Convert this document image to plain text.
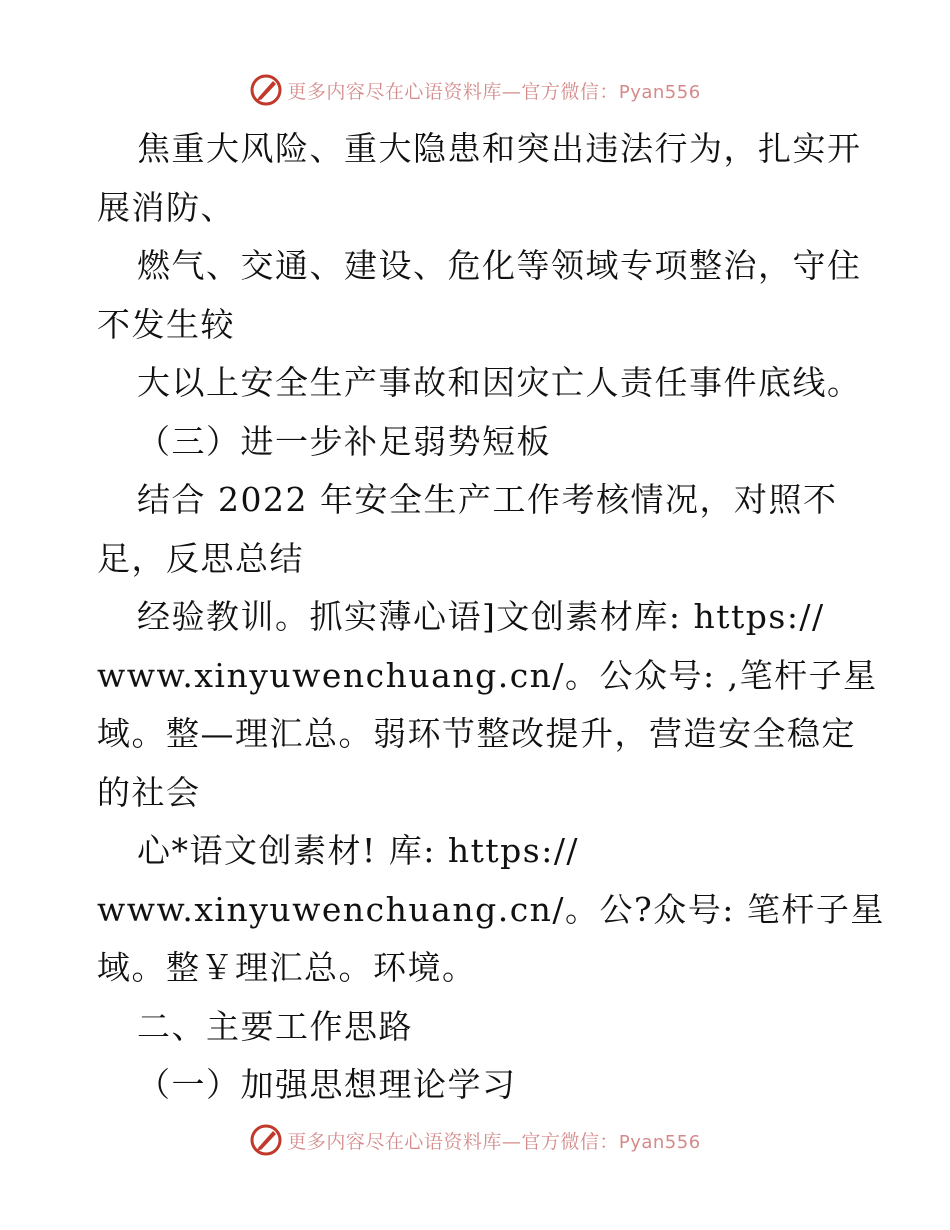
更多内容尽在心语资料库—官方微信：Pyan556
焦重大风险、重大隐患和突出违法行为，扎实开
展消防、
燃气、交通、建设、危化等领域专项整治，守住
不发生较
大以上安全生产事故和因灾亡人责任事件底线。
（三）进一步补足弱势短板
结合 2022 年安全生产工作考核情况，对照不
足，反思总结
经验教训。抓实薄心语]文创素材库: https://
www.xinyuwenchuang.cn/。公众号: ,笔杆子星
域。整—理汇总。弱环节整改提升，营造安全稳定
的社会
心*语文创素材! 库: https://
www.xinyuwenchuang.cn/。公?众号: 笔杆子星
域。整￥理汇总。环境。
二、主要工作思路
（一）加强思想理论学习
更多内容尽在心语资料库—官方微信：Pyan556
